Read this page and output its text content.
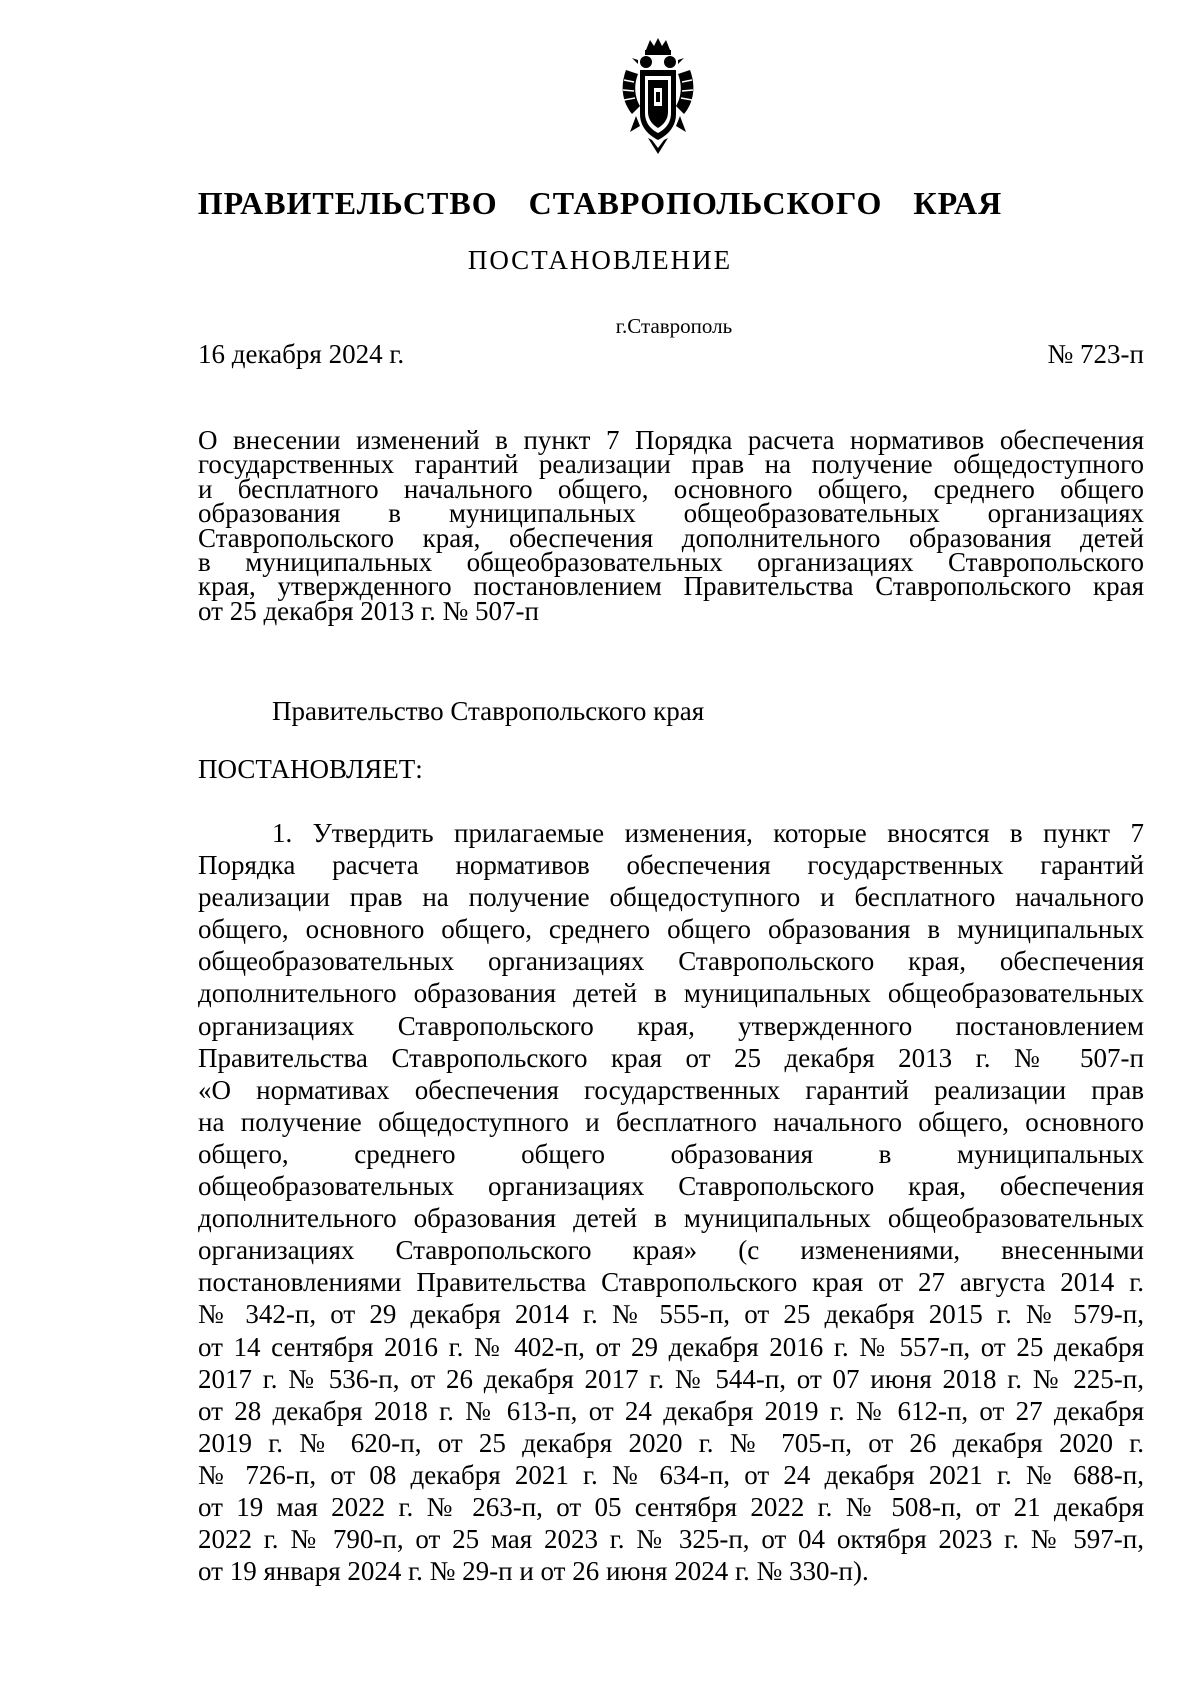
ПРАВИТЕЛЬСТВО СТАВРОПОЛЬСКОГО КРАЯ
ПОСТАНОВЛЕНИЕ
г.Ставрополь
16 декабря 2024 г.	№ 723-п
О внесении изменений в пункт 7 Порядка расчета нормативов обеспечения
государственных гарантий реализации прав на получение общедоступного
и бесплатного начального общего, основного общего, среднего общего
образования в муниципальных общеобразовательных организациях
Ставропольского края, обеспечения дополнительного образования детей
в муниципальных общеобразовательных организациях Ставропольского
края, утвержденного постановлением Правительства Ставропольского края
от 25 декабря 2013 г. № 507-п
Правительство Ставропольского края
ПОСТАНОВЛЯЕТ:
1. Утвердить прилагаемые изменения, которые вносятся в пункт 7
Порядка расчета нормативов обеспечения государственных гарантий
реализации прав на получение общедоступного и бесплатного начального
общего, основного общего, среднего общего образования в муниципальных
общеобразовательных организациях Ставропольского края, обеспечения
дополнительного образования детей в муниципальных общеобразовательных
организациях Ставропольского края, утвержденного постановлением
Правительства Ставропольского края от 25 декабря 2013 г. № 507-п
«О нормативах обеспечения государственных гарантий реализации прав
на получение общедоступного и бесплатного начального общего, основного
общего, среднего общего образования в муниципальных
общеобразовательных организациях Ставропольского края, обеспечения
дополнительного образования детей в муниципальных общеобразовательных
организациях Ставропольского края» (с изменениями, внесенными
постановлениями Правительства Ставропольского края от 27 августа 2014 г.
№ 342-п, от 29 декабря 2014 г. № 555-п, от 25 декабря 2015 г. № 579-п,
от 14 сентября 2016 г. № 402-п, от 29 декабря 2016 г. № 557-п, от 25 декабря
2017 г. № 536-п, от 26 декабря 2017 г. № 544-п, от 07 июня 2018 г. № 225-п,
от 28 декабря 2018 г. № 613-п, от 24 декабря 2019 г. № 612-п, от 27 декабря
2019 г. № 620-п, от 25 декабря 2020 г. № 705-п, от 26 декабря 2020 г.
№ 726-п, от 08 декабря 2021 г. № 634-п, от 24 декабря 2021 г. № 688-п,
от 19 мая 2022 г. № 263-п, от 05 сентября 2022 г. № 508-п, от 21 декабря
2022 г. № 790-п, от 25 мая 2023 г. № 325-п, от 04 октября 2023 г. № 597-п,
от 19 января 2024 г. № 29-п и от 26 июня 2024 г. № 330-п).
